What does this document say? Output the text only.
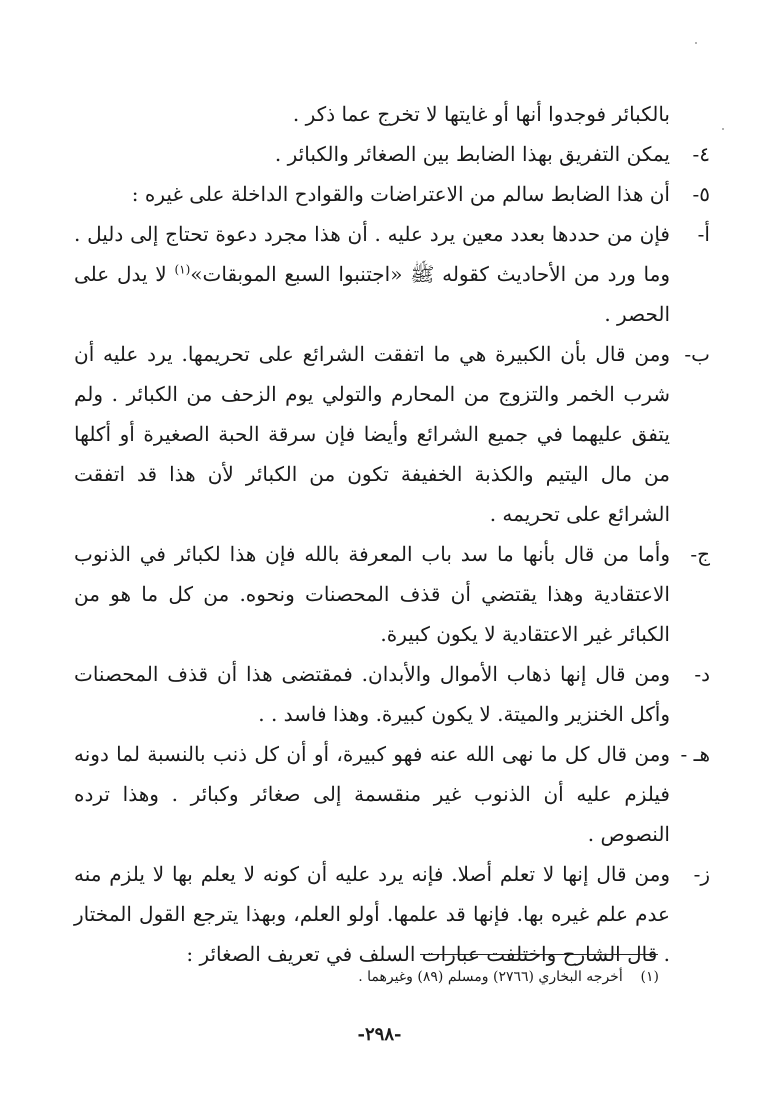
بالكبائر فوجدوا أنها أو غايتها لا تخرج عما ذكر .

٤-
يمكن التفريق بهذا الضابط بين الصغائر والكبائر .

٥-
أن هذا الضابط سالم من الاعتراضات والقوادح الداخلة على غيره :

أ-
فإن من حددها بعدد معين يرد عليه . أن هذا مجرد دعوة تحتاج إلى دليل . وما ورد من الأحاديث كقوله ﷺ «اجتنبوا السبع الموبقات»$^{(١)}$ لا يدل على الحصر .

ب-
ومن قال بأن الكبيرة هي ما اتفقت الشرائع على تحريمها. يرد عليه أن شرب الخمر والتزوج من المحارم والتولي يوم الزحف من الكبائر . ولم يتفق عليهما في جميع الشرائع وأيضا فإن سرقة الحبة الصغيرة أو أكلها من مال اليتيم والكذبة الخفيفة تكون من الكبائر لأن هذا قد اتفقت الشرائع على تحريمه .

ج-
وأما من قال بأنها ما سد باب المعرفة بالله فإن هذا لكبائر في الذنوب الاعتقادية وهذا يقتضي أن قذف المحصنات ونحوه. من كل ما هو من الكبائر غير الاعتقادية لا يكون كبيرة.

د-
ومن قال إنها ذهاب الأموال والأبدان. فمقتضى هذا أن قذف المحصنات وأكل الخنزير والميتة. لا يكون كبيرة. وهذا فاسد . .

هـ -
ومن قال كل ما نهى الله عنه فهو كبيرة، أو أن كل ذنب بالنسبة لما دونه فيلزم عليه أن الذنوب غير منقسمة إلى صغائر وكبائر . وهذا ترده النصوص .

ز-
ومن قال إنها لا تعلم أصلا. فإنه يرد عليه أن كونه لا يعلم بها لا يلزم منه عدم علم غيره بها. فإنها قد علمها. أولو العلم، وبهذا يترجع القول المختار . قال الشارح واختلفت عبارات السلف في تعريف الصغائر :

(١)    أخرجه البخاري (٢٧٦٦) ومسلم (٨٩) وغيرهما .
-٢٩٨-
